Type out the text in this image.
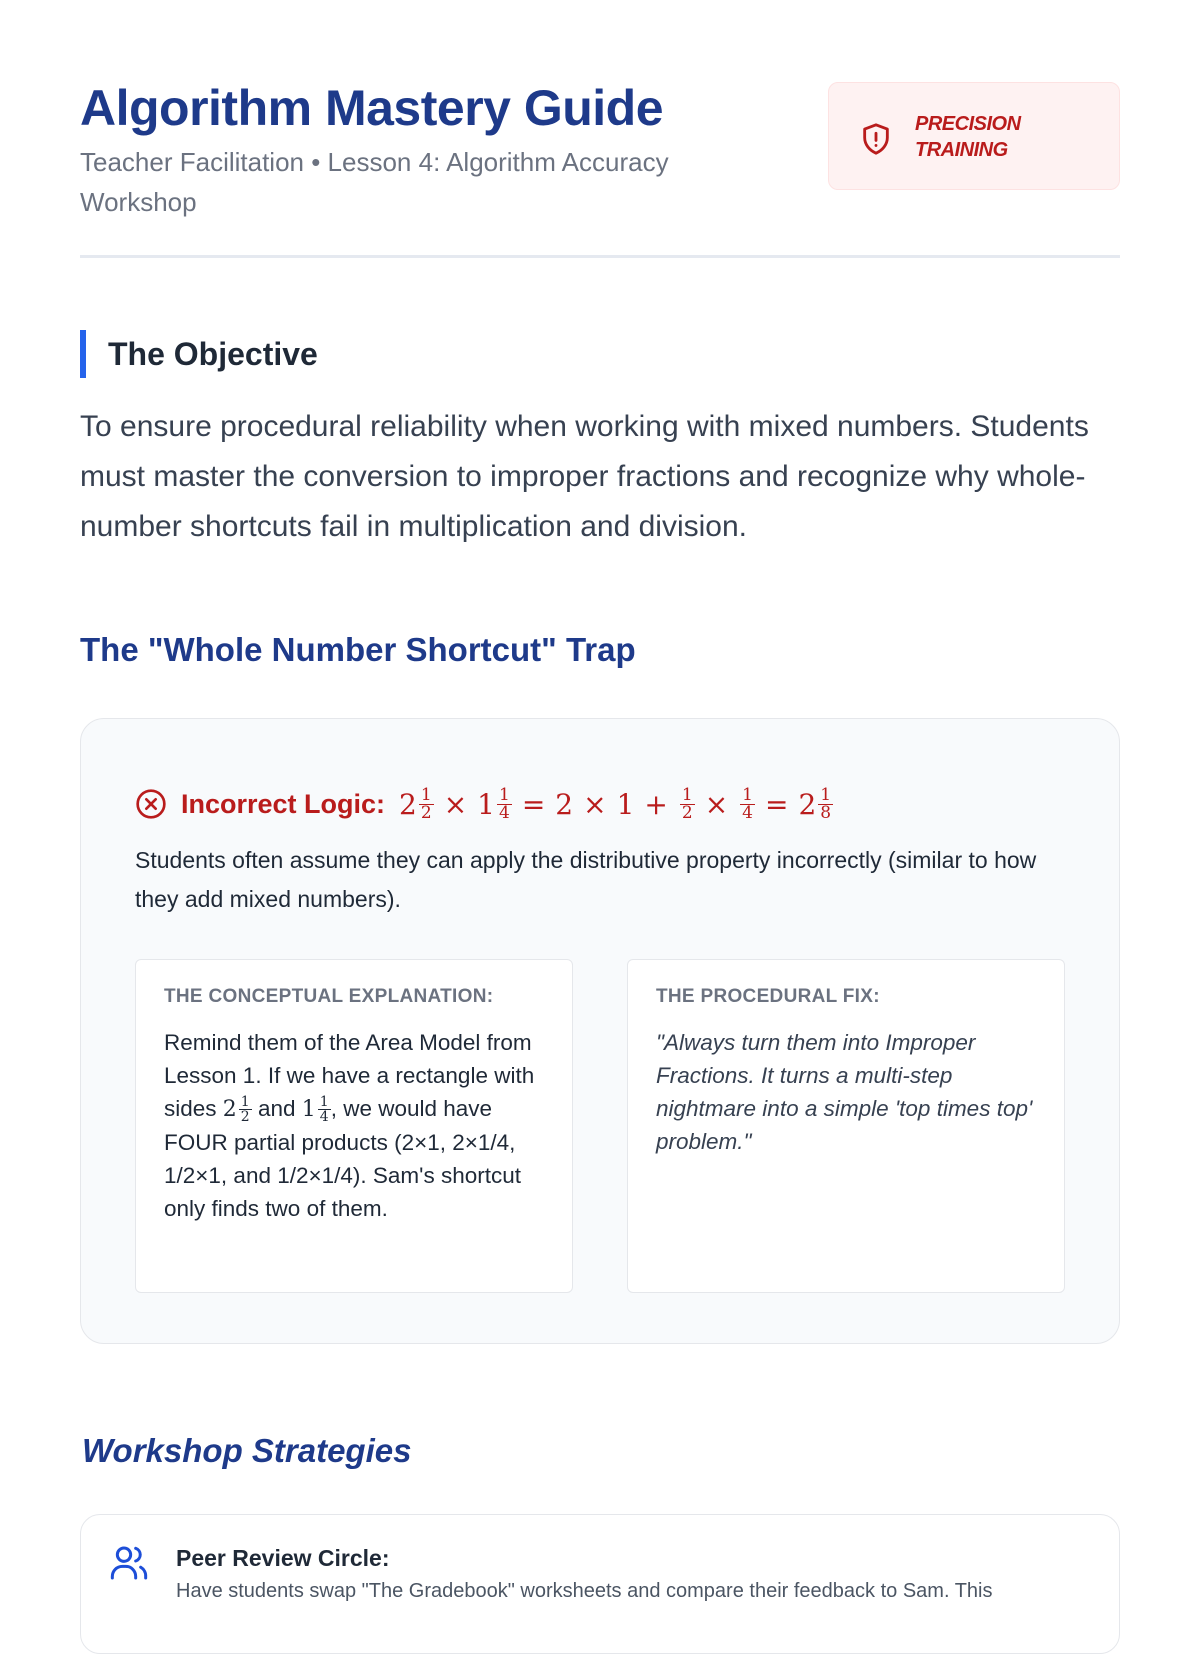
Algorithm Mastery Guide

Teacher Facilitation • Lesson 4: Algorithm Accuracy Workshop

PRECISION
TRAINING
The Objective

To ensure procedural reliability when working with mixed numbers. Students must master the conversion to improper fractions and recognize why whole-number shortcuts fail in multiplication and division.

The "Whole Number Shortcut" Trap
Incorrect Logic: $2 \frac{1}{2} \times 1 \frac{1}{4} = 2 \times 1 + \frac{1}{2} \times \frac{1}{4} = 2 \frac{1}{8}$

Students often assume they can apply the distributive property incorrectly (similar to how they add mixed numbers).

THE CONCEPTUAL EXPLANATION:
Remind them of the Area Model from Lesson 1. If we have a rectangle with sides $2 \frac{1}{2}$ and $1 \frac{1}{4}$ , we would have FOUR partial products (2×1, 2×1/4, 1/2×1, and 1/2×1/4). Sam's shortcut only finds two of them.
THE PROCEDURAL FIX:
"Always turn them into Improper Fractions. It turns a multi-step nightmare into a simple 'top times top' problem."
Workshop Strategies
Peer Review Circle:
Have students swap "The Gradebook" worksheets and compare their feedback to Sam. This
